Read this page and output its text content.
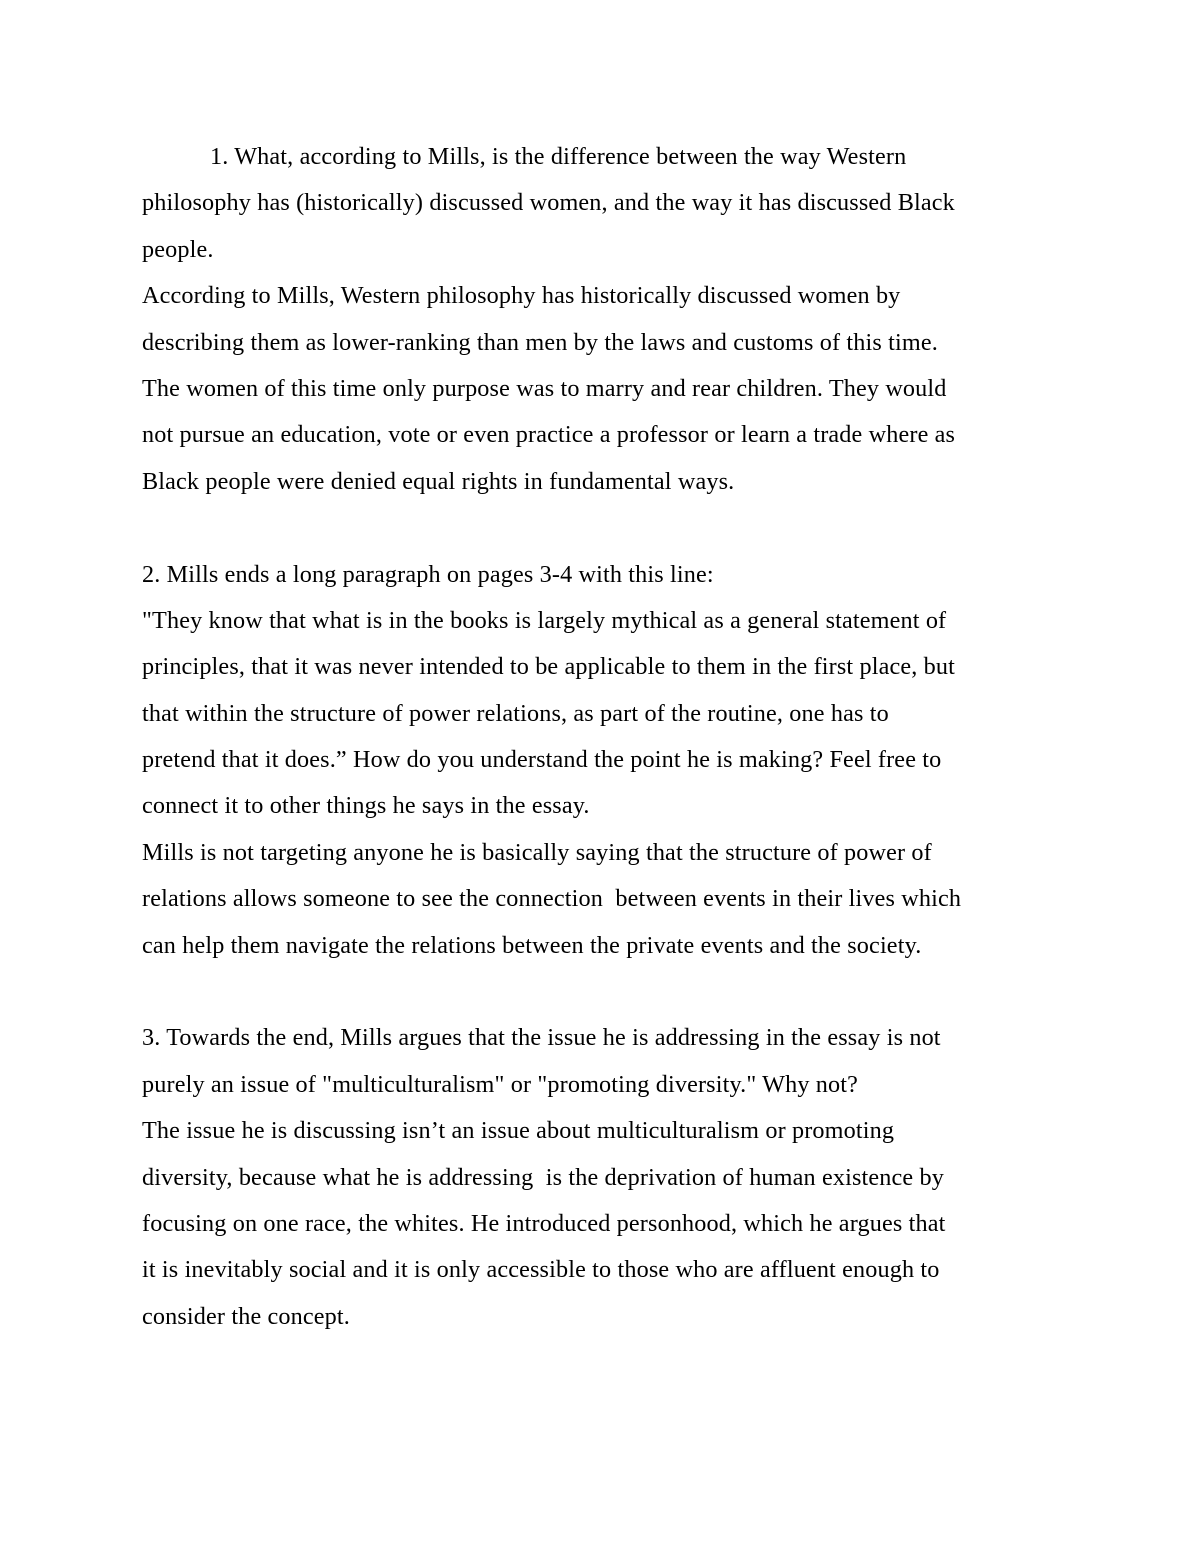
1. What, according to Mills, is the difference between the way Western
philosophy has (historically) discussed women, and the way it has discussed Black
people.
According to Mills, Western philosophy has historically discussed women by
describing them as lower-ranking than men by the laws and customs of this time.
The women of this time only purpose was to marry and rear children. They would
not pursue an education, vote or even practice a professor or learn a trade where as
Black people were denied equal rights in fundamental ways.
2. Mills ends a long paragraph on pages 3-4 with this line:
"They know that what is in the books is largely mythical as a general statement of
principles, that it was never intended to be applicable to them in the first place, but
that within the structure of power relations, as part of the routine, one has to
pretend that it does.” How do you understand the point he is making? Feel free to
connect it to other things he says in the essay.
Mills is not targeting anyone he is basically saying that the structure of power of
relations allows someone to see the connection  between events in their lives which
can help them navigate the relations between the private events and the society.
3. Towards the end, Mills argues that the issue he is addressing in the essay is not
purely an issue of "multiculturalism" or "promoting diversity." Why not?
The issue he is discussing isn’t an issue about multiculturalism or promoting
diversity, because what he is addressing  is the deprivation of human existence by
focusing on one race, the whites. He introduced personhood, which he argues that
it is inevitably social and it is only accessible to those who are affluent enough to
consider the concept.
